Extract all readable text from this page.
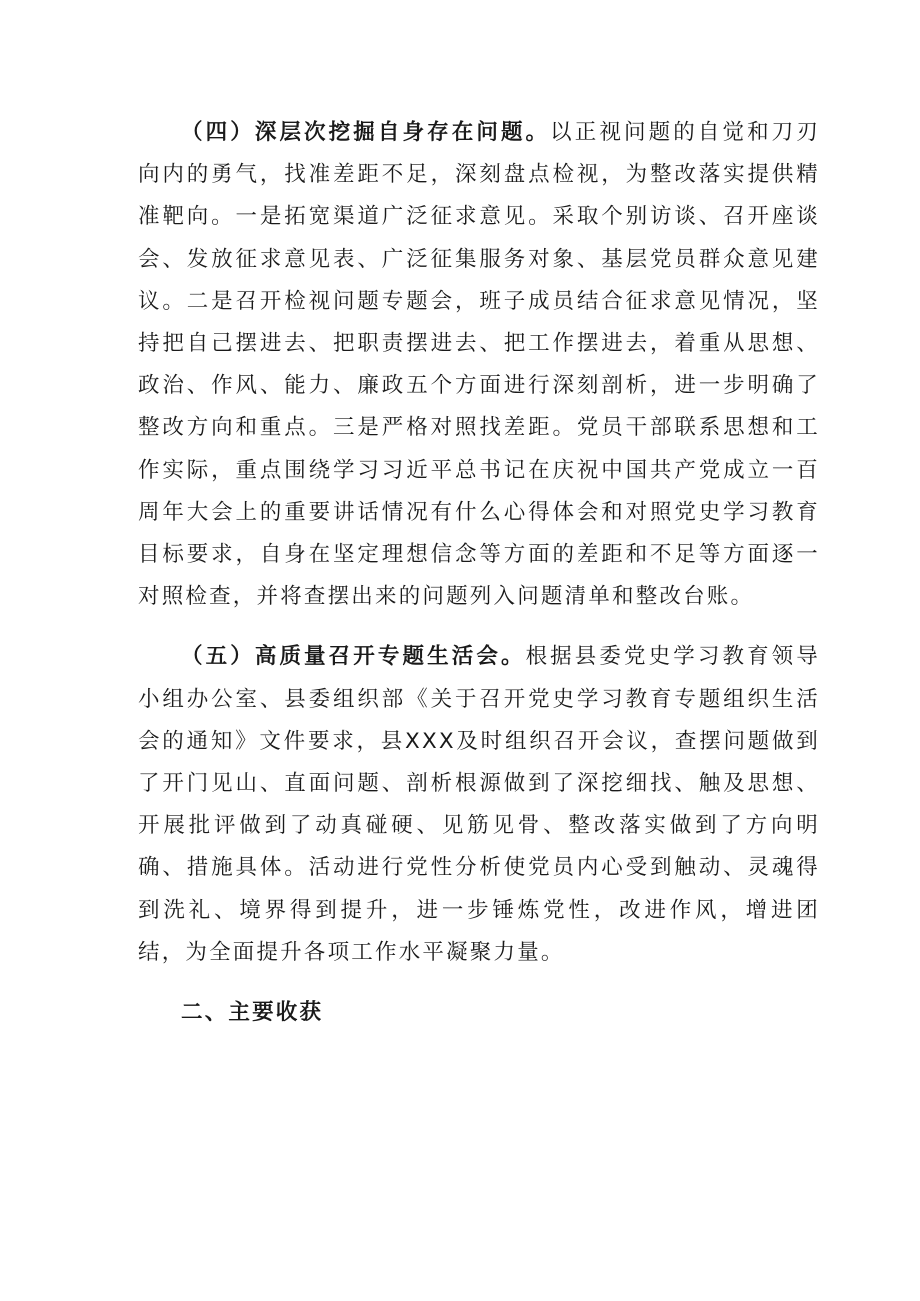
（四）深层次挖掘自身存在问题。以正视问题的自觉和刀刃向内的勇气，找准差距不足，深刻盘点检视，为整改落实提供精准靶向。一是拓宽渠道广泛征求意见。采取个别访谈、召开座谈会、发放征求意见表、广泛征集服务对象、基层党员群众意见建议。二是召开检视问题专题会，班子成员结合征求意见情况，坚持把自己摆进去、把职责摆进去、把工作摆进去，着重从思想、政治、作风、能力、廉政五个方面进行深刻剖析，进一步明确了整改方向和重点。三是严格对照找差距。党员干部联系思想和工作实际，重点围绕学习习近平总书记在庆祝中国共产党成立一百周年大会上的重要讲话情况有什么心得体会和对照党史学习教育目标要求，自身在坚定理想信念等方面的差距和不足等方面逐一对照检查，并将查摆出来的问题列入问题清单和整改台账。

（五）高质量召开专题生活会。根据县委党史学习教育领导小组办公室、县委组织部《关于召开党史学习教育专题组织生活会的通知》文件要求，县XXX及时组织召开会议，查摆问题做到了开门见山、直面问题、剖析根源做到了深挖细找、触及思想、开展批评做到了动真碰硬、见筋见骨、整改落实做到了方向明确、措施具体。活动进行党性分析使党员内心受到触动、灵魂得到洗礼、境界得到提升，进一步锤炼党性，改进作风，增进团结，为全面提升各项工作水平凝聚力量。

二、主要收获
